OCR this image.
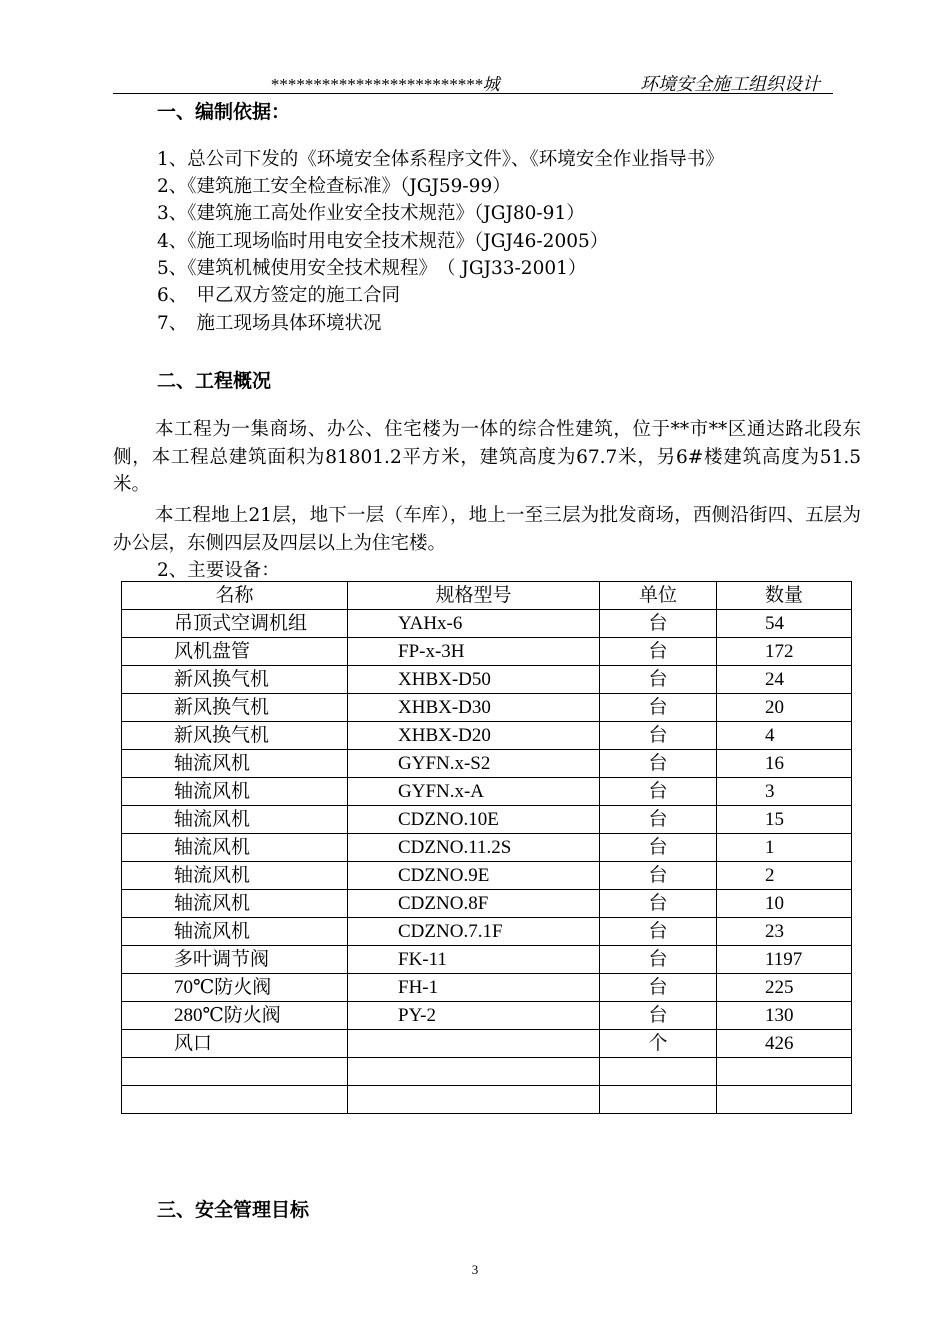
*************************城	环境安全施工组织设计
一、编制依据：
1、总公司下发的《环境安全体系程序文件》、《环境安全作业指导书》
2、《建筑施工安全检查标准》（JGJ59-99）
3、《建筑施工高处作业安全技术规范》（JGJ80-91）
4、《施工现场临时用电安全技术规范》（JGJ46-2005）
5、《建筑机械使用安全技术规程》　（ JGJ33-2001）
6、　甲乙双方签定的施工合同
7、　施工现场具体环境状况
二、工程概况
本工程为一集商场、办公、住宅楼为一体的综合性建筑，位于**市**区通达路北段东侧，本工程总建筑面积为81801.2平方米，建筑高度为67.7米，另6#楼建筑高度为51.5米。
本工程地上21层，地下一层（车库），地上一至三层为批发商场，西侧沿街四、五层为办公层，东侧四层及四层以上为住宅楼。
2、主要设备：
名称	规格型号	单位	数量
吊顶式空调机组	YAHx-6	台	54
风机盘管	FP-x-3H	台	172
新风换气机	XHBX-D50	台	24
新风换气机	XHBX-D30	台	20
新风换气机	XHBX-D20	台	4
轴流风机	GYFN.x-S2	台	16
轴流风机	GYFN.x-A	台	3
轴流风机	CDZNO.10E	台	15
轴流风机	CDZNO.11.2S	台	1
轴流风机	CDZNO.9E	台	2
轴流风机	CDZNO.8F	台	10
轴流风机	CDZNO.7.1F	台	23
多叶调节阀	FK-11	台	1197
70℃防火阀	FH-1	台	225
280℃防火阀	PY-2	台	130
风口		个	426

三、安全管理目标
3
